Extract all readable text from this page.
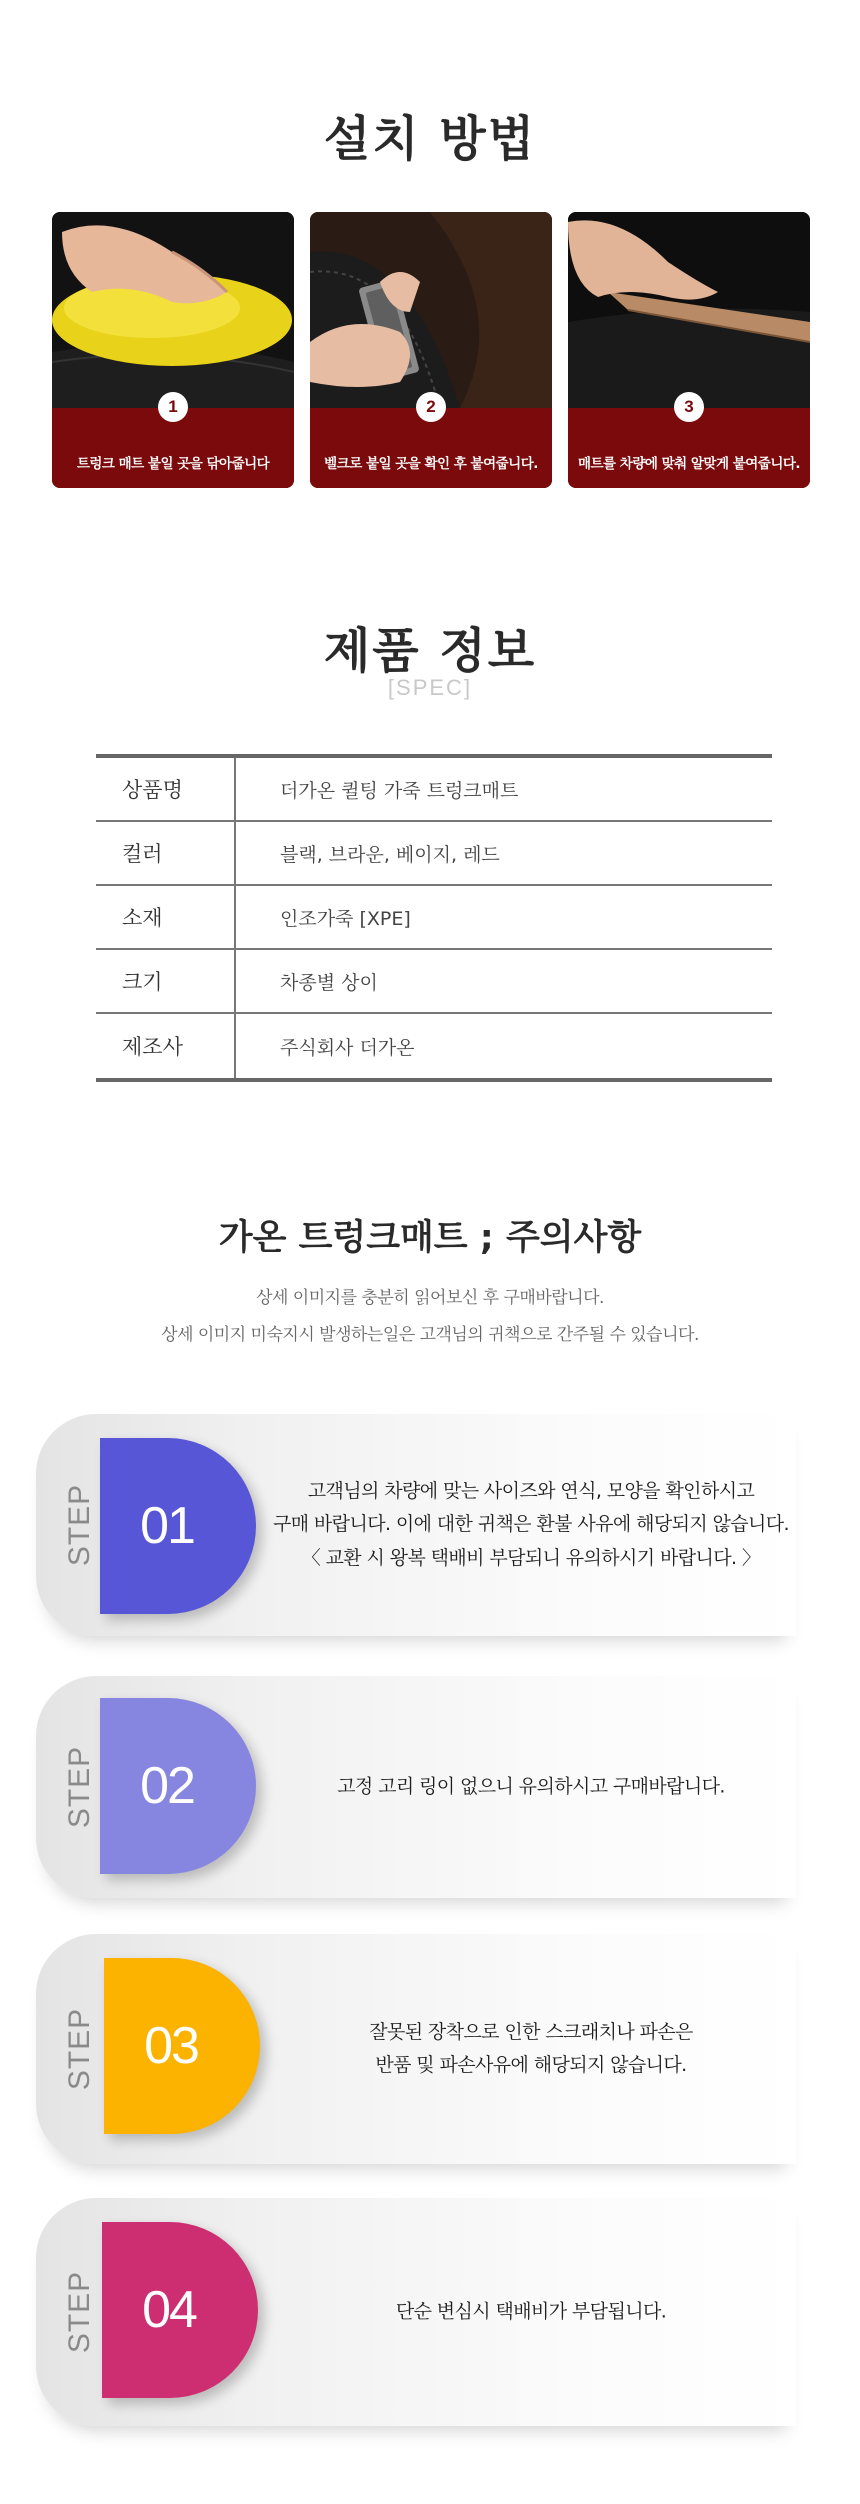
설치 방법
1
트렁크 매트 붙일 곳을 닦아줍니다
2
벨크로 붙일 곳을 확인 후 붙여줍니다.
3
매트를 차량에 맞춰 알맞게 붙여줍니다.
제품 정보
[SPEC]
상품명	더가온 퀼팅 가죽 트렁크매트
컬러	블랙, 브라운, 베이지, 레드
소재	인조가죽 [XPE]
크기	차종별 상이
제조사	주식회사 더가온
가온 트렁크매트 ; 주의사항
상세 이미지를 충분히 읽어보신 후 구매바랍니다.
상세 이미지 미숙지시 발생하는일은 고객님의 귀책으로 간주될 수 있습니다.
STEP 01
고객님의 차량에 맞는 사이즈와 연식, 모양을 확인하시고
구매 바랍니다. 이에 대한 귀책은 환불 사유에 해당되지 않습니다.
〈 교환 시 왕복 택배비 부담되니 유의하시기 바랍니다. 〉
STEP 02	고정 고리 링이 없으니 유의하시고 구매바랍니다.
STEP 03	잘못된 장착으로 인한 스크래치나 파손은
반품 및 파손사유에 해당되지 않습니다.
STEP 04	단순 변심시 택배비가 부담됩니다.
